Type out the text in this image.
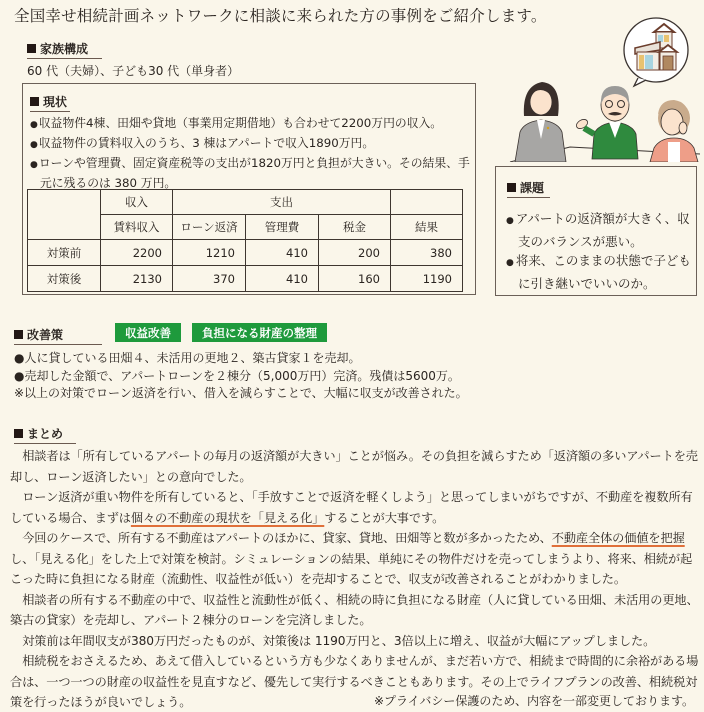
全国幸せ相続計画ネットワークに相談に来られた方の事例をご紹介します。
家族構成
60 代（夫婦）、子ども30 代（単身者）
現状
● 収益物件4棟、田畑や貸地（事業用定期借地）も合わせて2200万円の収入。
● 収益物件の賃料収入のうち、3 棟はアパートで収入1890万円。
● ローンや管理費、固定資産税等の支出が1820万円と負担が大きい。その結果、手元に残るのは 380 万円。
	収入	支出			
	賃料収入	ローン返済	管理費	税金	結果
対策前	2200	1210	410	200	380
対策後	2130	370	410	160	1190
課題
● アパートの返済額が大きく、収支のバランスが悪い。
● 将来、このままの状態で子どもに引き継いでいいのか。
改善策	収益改善	負担になる財産の整理
●人に貸している田畑４、未活用の更地２、築古貸家１を売却。
●売却した金額で、アパートローンを２棟分（5,000万円）完済。残債は5600万。
※以上の対策でローン返済を行い、借入を減らすことで、大幅に収支が改善された。
まとめ

相談者は「所有しているアパートの毎月の返済額が大きい」ことが悩み。その負担を減らすため「返済額の多いアパートを売却し、ローン返済したい」との意向でした。

ローン返済が重い物件を所有していると、「手放すことで返済を軽くしよう」と思ってしまいがちですが、不動産を複数所有している場合、まずは個々の不動産の現状を「見える化」することが大事です。

今回のケースで、所有する不動産はアパートのほかに、貸家、貸地、田畑等と数が多かったため、不動産全体の価値を把握し、「見える化」をした上で対策を検討。シミュレーションの結果、単純にその物件だけを売ってしまうより、将来、相続が起こった時に負担になる財産（流動性、収益性が低い）を売却することで、収支が改善されることがわかりました。

相談者の所有する不動産の中で、収益性と流動性が低く、相続の時に負担になる財産（人に貸している田畑、未活用の更地、築古の貸家）を売却し、アパート２棟分のローンを完済しました。

対策前は年間収支が380万円だったものが、対策後は 1190万円と、3倍以上に増え、収益が大幅にアップしました。

相続税をおさえるため、あえて借入しているという方も少なくありませんが、まだ若い方で、相続まで時間的に余裕がある場合は、一つ一つの財産の収益性を見直すなど、優先して実行するべきこともあります。その上でライフプランの改善、相続税対策を行ったほうが良いでしょう。	※プライバシー保護のため、内容を一部変更しております。
